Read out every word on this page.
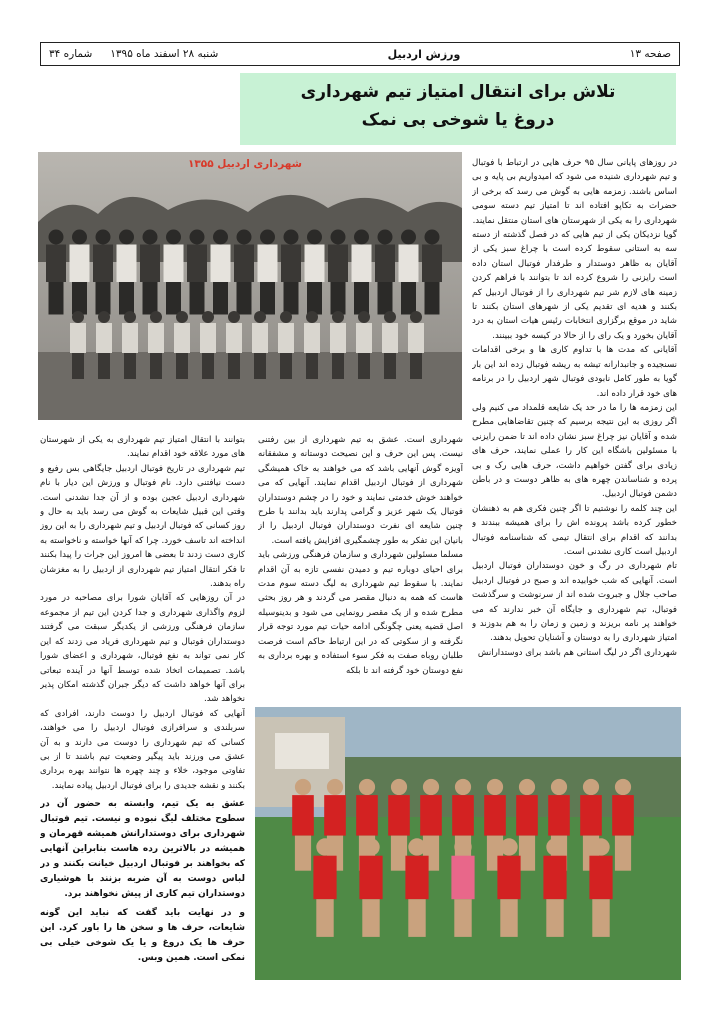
صفحه ۱۳
ورزش اردبیل
شنبه ۲۸ اسفند ماه ۱۳۹۵
شماره ۳۴
تلاش برای انتقال امتیاز تیم شهرداری
دروغ یا شوخی بی نمک
شهرداری اردبیل ۱۳۵۵	در روزهای پایانی سال ۹۵ حرف هایی در ارتباط با فوتبال و تیم شهرداری شنیده می شود که امیدواریم بی پایه و بی اساس باشند. زمزمه هایی به گوش می رسد که برخی از حضرات به تکاپو افتاده اند تا امتیاز تیم دسته سومی شهرداری را به یکی از شهرستان های استان منتقل نمایند.

گویا نزدیکان یکی از تیم هایی که در فصل گذشته از دسته سه به استانی سقوط کرده است با چراغ سبز یکی از آقایان به ظاهر دوستدار و طرفدار فوتبال استان داده است رایزنی را شروع کرده اند تا بتوانند با فراهم کردن زمینه های لازم شر تیم شهرداری را از فوتبال اردبیل کم بکنند و هدیه ای تقدیم یکی از شهرهای استان بکنند تا شاید در موقع برگزاری انتخابات رئیس هیات استان به درد آقایان بخورد و یک رای را از حالا در کیسه خود ببینند.

آقایانی که مدت ها با تداوم کاری ها و برخی اقدامات نسنجیده و جانبدارانه تیشه به ریشه فوتبال زده اند این بار گویا به طور کامل نابودی فوتبال شهر اردبیل را در برنامه های خود قرار داده اند.

این زمزمه ها را ما در حد یک شایعه قلمداد می کنیم ولی اگر روزی به این نتیجه برسیم که چنین تقاضاهایی مطرح شده و آقایان نیز چراغ سبز نشان داده اند تا ضمن رایزنی با مسئولین باشگاه این کار را عملی نمایند، حرف های زیادی برای گفتن خواهیم داشت، حرف هایی رک و بی پرده و شناساندن چهره های به ظاهر دوست و در باطن دشمن فوتبال اردبیل.

این چند کلمه را نوشتیم تا اگر چنین فکری هم به ذهنشان خطور کرده باشد پرونده اش را برای همیشه ببندند و بدانند که اقدام برای انتقال تیمی که شناسنامه فوتبال اردبیل است کاری نشدنی است.

تام شهرداری در رگ و خون دوستداران فوتبال اردبیل است. آنهایی که شب خوابیده اند و صبح در فوتبال اردبیل صاحب جلال و جبروت شده اند از سرنوشت و سرگذشت فوتبال، تیم شهرداری و جایگاه آن خبر ندارند که می خواهند پر نامه بریزند و زمین و زمان را به هم بدوزند و امتیاز شهرداری را به دوستان و آشنایان تحویل بدهند.

شهرداری اگر در لیگ استانی هم باشد برای دوستدارانش

شهرداری است. عشق به تیم شهرداری از بین رفتنی نیست. پس این حرف و این نصیحت دوستانه و مشفقانه آویزه گوش آنهایی باشد که می خواهند به خاک همیشگی شهرداری از فوتبال اردبیل اقدام نمایند. آنهایی که می خواهند خوش خدمتی نمایند و خود را در چشم دوستداران فوتبال یک شهر عزیز و گرامی پدارند باید بدانند با طرح چنین شایعه ای نفرت دوستداران فوتبال اردبیل را از بانیان این تفکر به طور چشمگیری افزایش یافته است.

مسلما مسئولین شهرداری و سازمان فرهنگی ورزشی باید برای احیای دوباره تیم و دمیدن نفسی تازه به آن اقدام نمایند. با سقوط تیم شهرداری به لیگ دسته سوم مدت هاست که همه به دنبال مقصر می گردند و هر روز بحثی مطرح شده و از یک مقصر رونمایی می شود و بدینوسیله اصل قضیه یعنی چگونگی ادامه حیات تیم مورد توجه قرار نگرفته و از سکوتی که در این ارتباط حاکم است فرصت طلبان روباه صفت به فکر سوء استفاده و بهره برداری به نفع دوستان خود گرفته اند تا بلکه

بتوانند با انتقال امتیاز تیم شهرداری به یکی از شهرستان های مورد علاقه خود اقدام نمایند.

تیم شهرداری در تاریخ فوتبال اردبیل جایگاهی بس رفیع و دست نیافتنی دارد. نام فوتبال و ورزش این دیار با نام شهرداری اردبیل عجین بوده و از آن جدا نشدنی است. وقتی این قبیل شایعات به گوش می رسد باید به حال و روز کسانی که فوتبال اردبیل و تیم شهرداری را به این روز انداخته اند تاسف خورد. چرا که آنها خواسته و ناخواسته به کاری دست زدند تا بعضی ها امروز این جرات را پیدا بکنند تا فکر انتقال امتیاز تیم شهرداری از اردبیل را به مغزشان راه بدهند.

در آن روزهایی که آقایان شورا برای مصاحبه در مورد لزوم واگذاری شهرداری و جدا کردن این تیم از مجموعه سازمان فرهنگی ورزشی از یکدیگر سبقت می گرفتند دوستداران فوتبال و تیم شهرداری فریاد می زدند که این کار نمی تواند به نفع فوتبال، شهرداری و اعضای شورا باشد. تصمیمات اتخاذ شده توسط آنها در آینده تبعاتی برای آنها خواهد داشت که دیگر جبران گذشته امکان پذیر نخواهد شد.

آنهایی که فوتبال اردبیل را دوست دارند، افرادی که سربلندی و سرافرازی فوتبال اردبیل را می خواهند، کسانی که تیم شهرداری را دوست می دارند و به آن عشق می ورزند باید پیگیر وضعیت تیم باشند تا از بی تفاوتی موجود، خلاء و چند چهره ها نتوانند بهره برداری بکنند و نقشه جدیدی را برای فوتبال اردبیل پیاده نمایند.

عشق به یک تیم، وابسته به حضور آن در سطوح مختلف لیگ نبوده و نیست. تیم فوتبال شهرداری برای دوستدارانش همیشه قهرمان و همیشه در بالاترین رده هاست بنابراین آنهایی که بخواهند بر فوتبال اردبیل خیانت بکنند و در لباس دوست به آن ضربه بزنند با هوشیاری دوستداران تیم کاری از پیش نخواهند برد.

و در نهایت باید گفت که نباید این گونه شایعات، حرف ها و سخن ها را باور کرد. این حرف ها یک دروغ و یا یک شوخی خیلی بی نمکی است. همین وبس.
